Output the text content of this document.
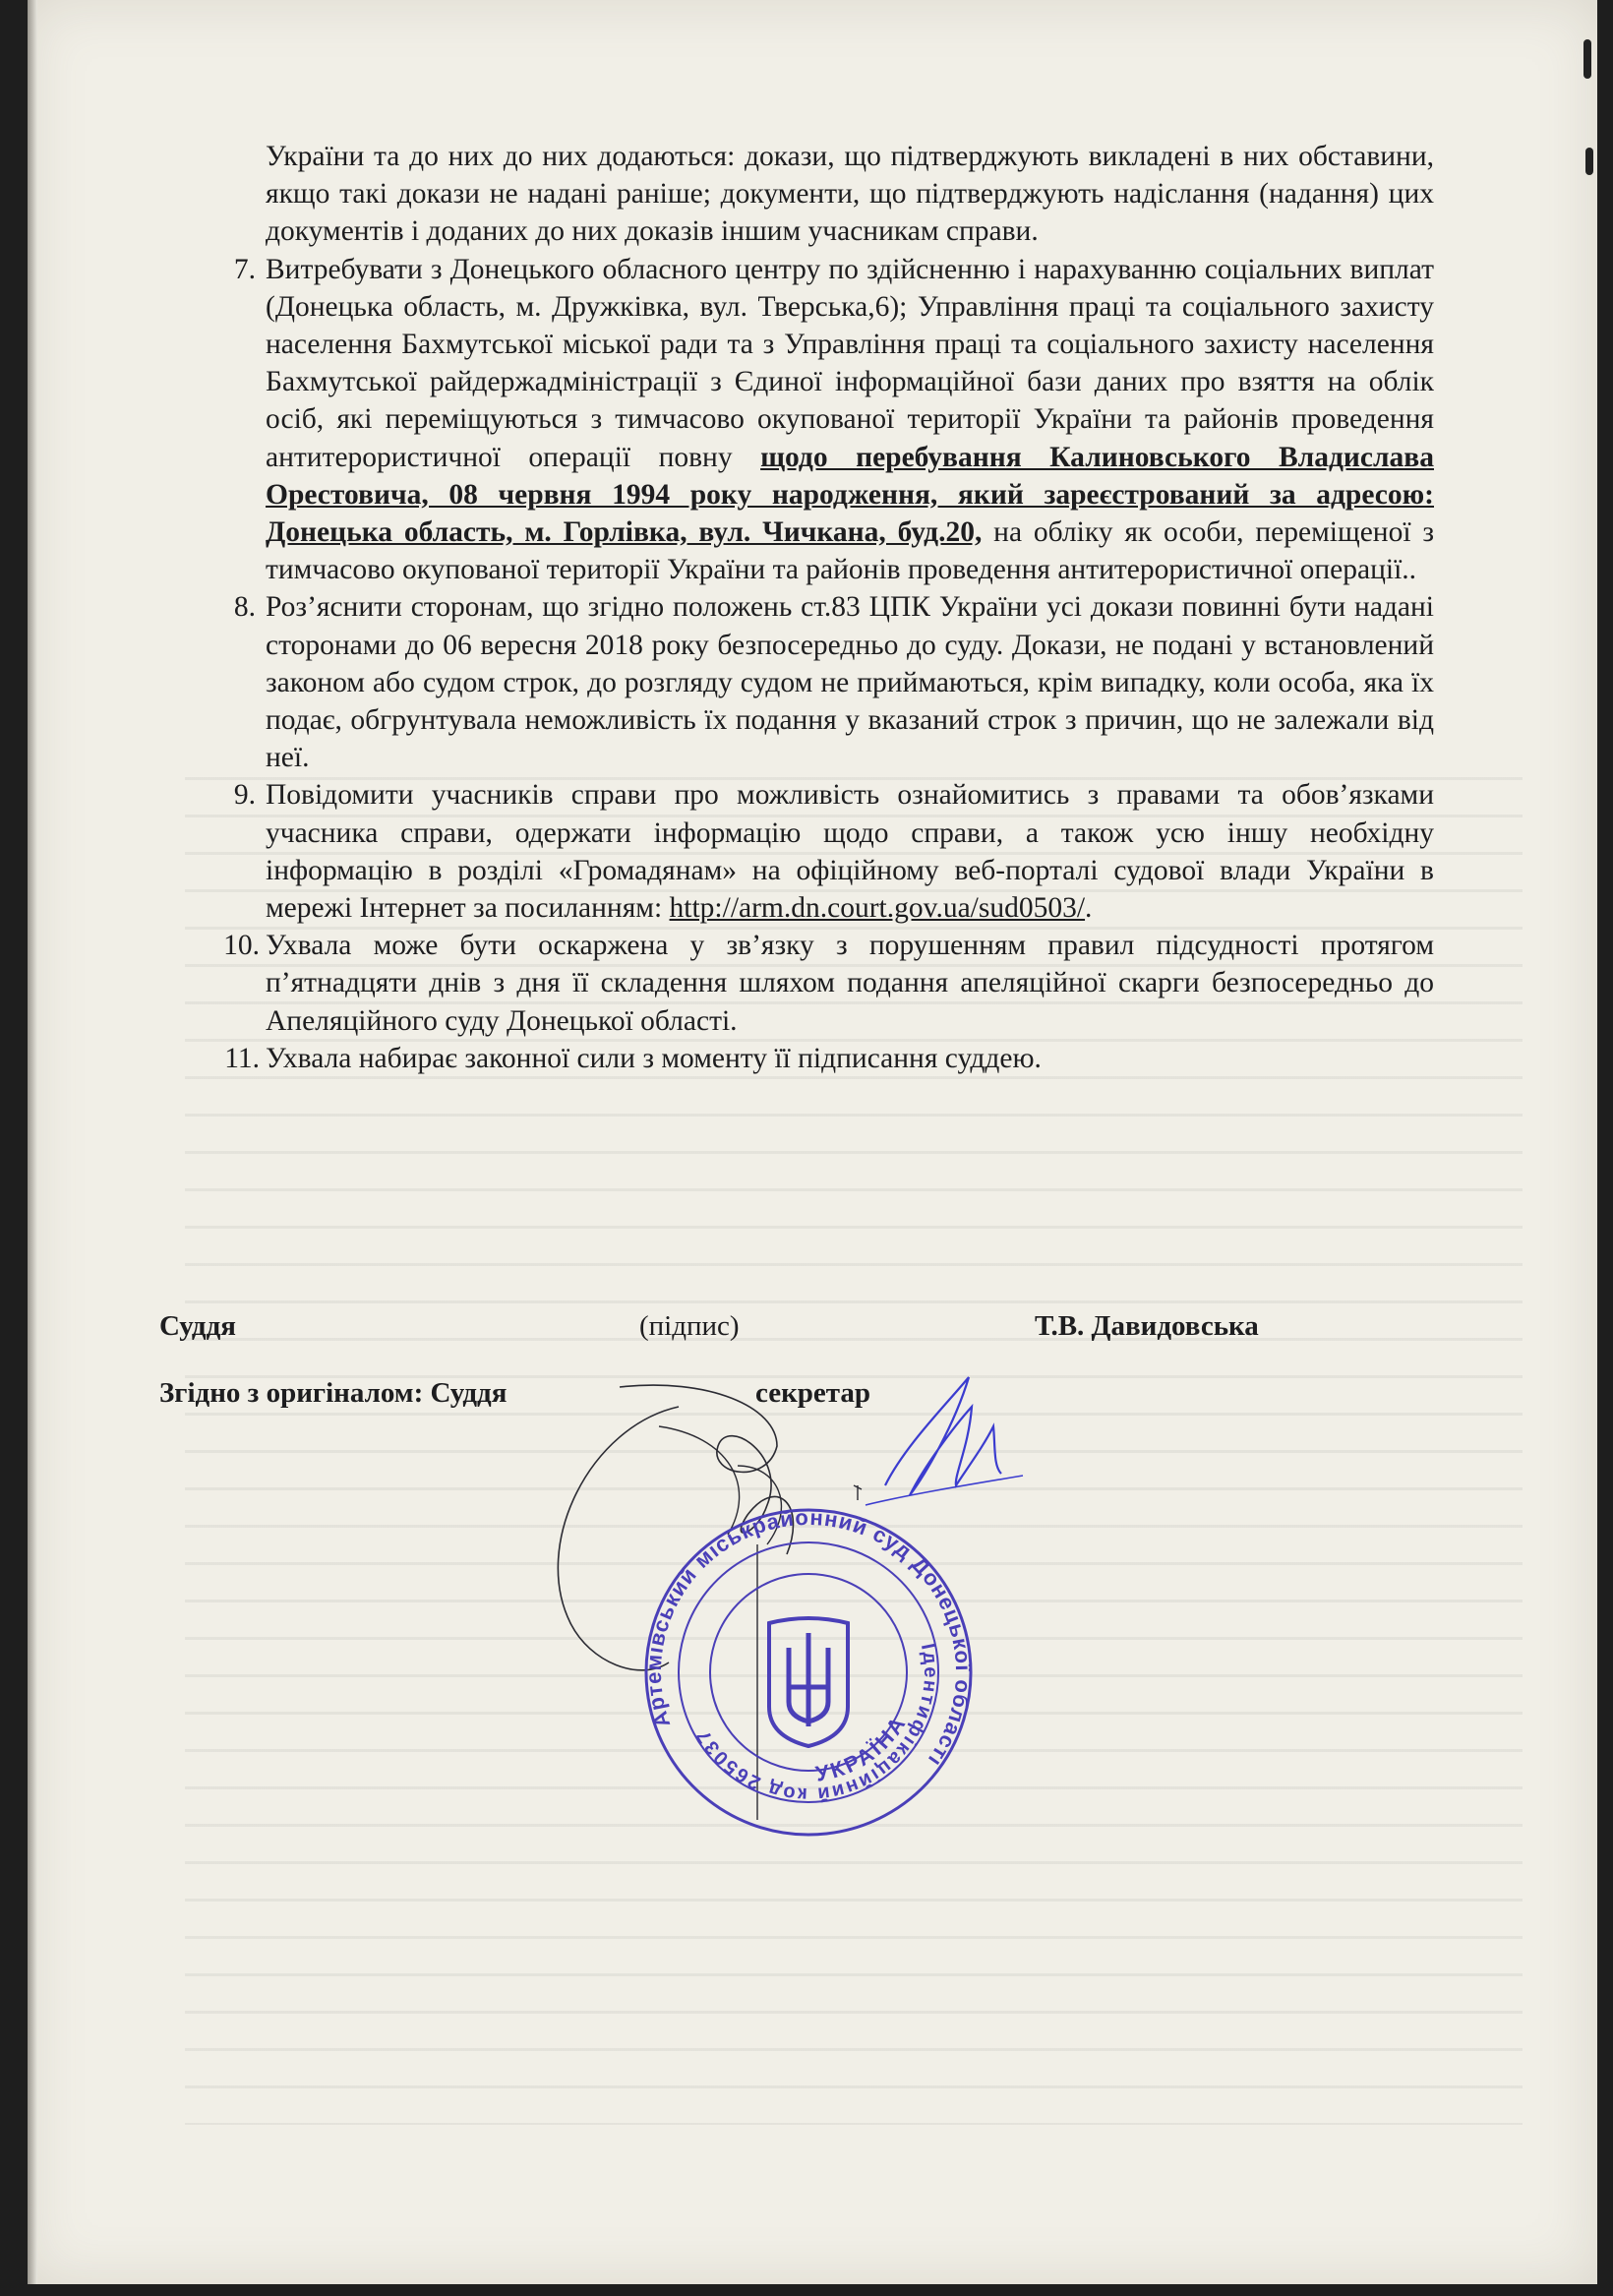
України та до них до них додаються: докази, що підтверджують викладені в них обставини, якщо такі докази не надані раніше; документи, що підтверджують надіслання (надання) цих документів і доданих до них доказів іншим учасникам справи.

7. Витребувати з Донецького обласного центру по здійсненню і нарахуванню соціальних виплат (Донецька область, м. Дружківка, вул. Тверська,6); Управління праці та соціального захисту населення Бахмутської міської ради та з Управління праці та соціального захисту населення Бахмутської райдержадміністрації з Єдиної інформаційної бази даних про взяття на облік осіб, які переміщуються з тимчасово окупованої території України та районів проведення антитерористичної операції повну щодо перебування Калиновського Владислава Орестовича, 08 червня 1994 року народження, який зареєстрований за адресою: Донецька область, м. Горлівка, вул. Чичкана, буд.20, на обліку як особи, переміщеної з тимчасово окупованої території України та районів проведення антитерористичної операції..
8. Роз’яснити сторонам, що згідно положень ст.83 ЦПК України усі докази повинні бути надані сторонами до 06 вересня 2018 року безпосередньо до суду. Докази, не подані у встановлений законом або судом строк, до розгляду судом не приймаються, крім випадку, коли особа, яка їх подає, обгрунтувала неможливість їх подання у вказаний строк з причин, що не залежали від неї.
9. Повідомити учасників справи про можливість ознайомитись з правами та обов’язками учасника справи, одержати інформацію щодо справи, а також усю іншу необхідну інформацію в розділі «Громадянам» на офіційному веб-порталі судової влади України в мережі Інтернет за посиланням: http://arm.dn.court.gov.ua/sud0503/.
10. Ухвала може бути оскаржена у зв’язку з порушенням правил підсудності протягом п’ятнадцяти днів з дня її складення шляхом подання апеляційної скарги безпосередньо до Апеляційного суду Донецької області.
11. Ухвала набирає законної сили з моменту її підписання суддею.
Суддя	(підпис)	Т.В. Давидовська
Згідно з оригіналом: Суддя	секретар
Артемівський міськрайонний суд Донецької області
Ідентифікаційний код 26503744
УКРАЇНА
